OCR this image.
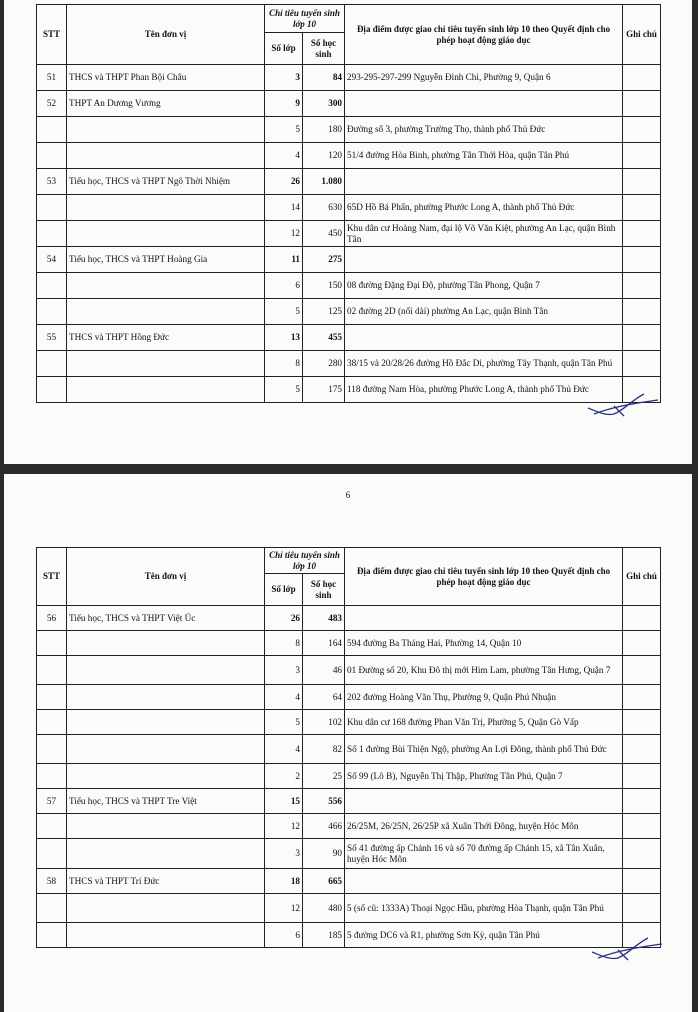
STT	Tên đơn vị	Chỉ tiêu tuyển sinh lớp 10		Địa điểm được giao chỉ tiêu tuyển sinh lớp 10 theo Quyết định cho phép hoạt động giáo dục	Ghi chú
		Số lớp	Số học sinh		
51	THCS và THPT Phan Bội Châu	3	84	293-295-297-299 Nguyễn Đình Chi, Phường 9, Quận 6	
52	THPT An Dương Vương	9	300		
		5	180	Đường số 3, phường Trường Thọ, thành phố Thủ Đức	
		4	120	51/4 đường Hòa Bình, phường Tân Thới Hòa, quận Tân Phú	
53	Tiểu học, THCS và THPT Ngô Thời Nhiệm	26	1.080		
		14	630	65D Hồ Bá Phấn, phường Phước Long A, thành phố Thủ Đức	
		12	450	Khu dân cư Hoàng Nam, đại lộ Võ Văn Kiệt, phường An Lạc, quận Bình Tân	
54	Tiểu học, THCS và THPT Hoàng Gia	11	275		
		6	150	08 đường Đặng Đại Độ, phường Tân Phong, Quận 7	
		5	125	02 đường 2D (nối dài) phường An Lạc, quận Bình Tân	
55	THCS và THPT Hồng Đức	13	455		
		8	280	38/15 và 20/28/26 đường Hồ Đắc Di, phường Tây Thạnh, quận Tân Phú	
		5	175	118 đường Nam Hòa, phường Phước Long A, thành phố Thủ Đức	
6
STT	Tên đơn vị	Chỉ tiêu tuyển sinh lớp 10		Địa điểm được giao chỉ tiêu tuyển sinh lớp 10 theo Quyết định cho phép hoạt động giáo dục	Ghi chú
		Số lớp	Số học sinh		
56	Tiểu học, THCS và THPT Việt Úc	26	483		
		8	164	594 đường Ba Tháng Hai, Phường 14, Quận 10	
		3	46	01 Đường số 20, Khu Đô thị mới Him Lam, phường Tân Hưng, Quận 7	
		4	64	202 đường Hoàng Văn Thụ, Phường 9, Quận Phú Nhuận	
		5	102	Khu dân cư 168 đường Phan Văn Trị, Phường 5, Quận Gò Vấp	
		4	82	Số 1 đường Bùi Thiện Ngộ, phường An Lợi Đông, thành phố Thủ Đức	
		2	25	Số 99 (Lô B), Nguyễn Thị Thập, Phường Tân Phú, Quận 7	
57	Tiểu học, THCS và THPT Tre Việt	15	556		
		12	466	26/25M, 26/25N, 26/25P xã Xuân Thới Đông, huyện Hóc Môn	
		3	90	Số 41 đường ấp Chánh 16 và số 70 đường ấp Chánh 15, xã Tân Xuân, huyện Hóc Môn	
58	THCS và THPT Trí Đức	18	665		
		12	480	5 (số cũ: 1333A) Thoại Ngọc Hầu, phường Hòa Thạnh, quận Tân Phú	
		6	185	5 đường DC6 và R1, phường Sơn Kỳ, quận Tân Phú	
